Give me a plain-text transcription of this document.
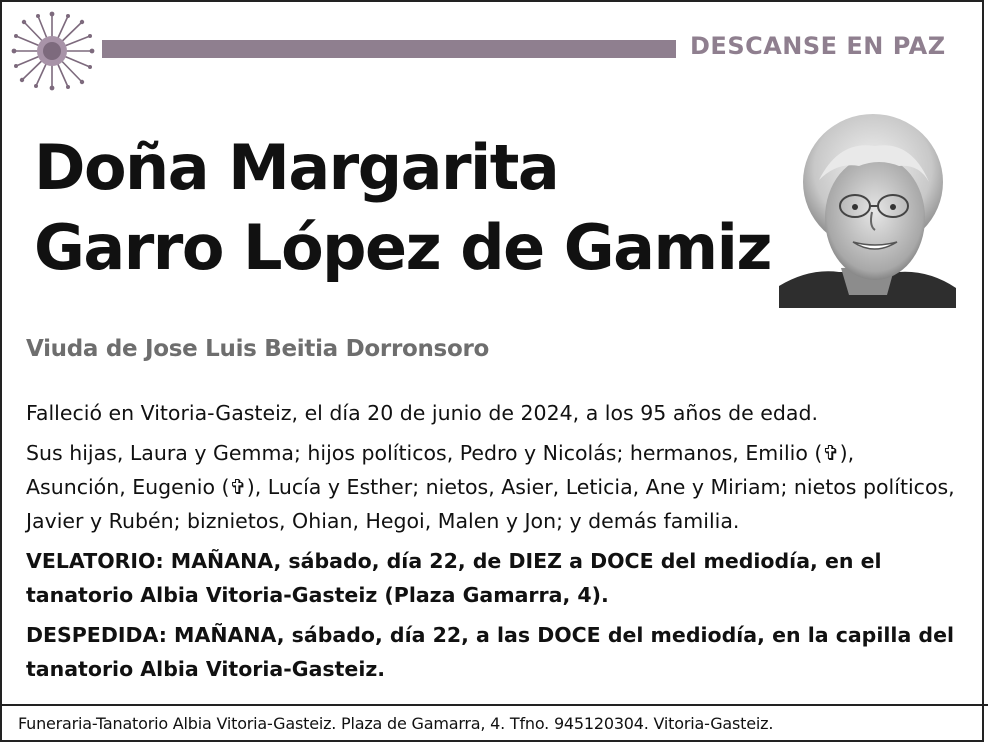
DESCANSE EN PAZ
Doña Margarita
Garro López de Gamiz
Viuda de Jose Luis Beitia Dorronsoro

Falleció en Vitoria-Gasteiz, el día 20 de junio de 2024, a los 95 años de edad.

Sus hijas, Laura y Gemma; hijos políticos, Pedro y Nicolás; hermanos, Emilio (✞), Asunción, Eugenio (✞), Lucía y Esther; nietos, Asier, Leticia, Ane y Miriam; nietos políticos, Javier y Rubén; biznietos, Ohian, Hegoi, Malen y Jon; y demás familia.

VELATORIO: MAÑANA, sábado, día 22, de DIEZ a DOCE del mediodía, en el tanatorio Albia Vitoria-Gasteiz (Plaza Gamarra, 4).

DESPEDIDA: MAÑANA, sábado, día 22, a las DOCE del mediodía, en la capilla del tanatorio Albia Vitoria-Gasteiz.

Funeraria-Tanatorio Albia Vitoria-Gasteiz. Plaza de Gamarra, 4. Tfno. 945120304. Vitoria-Gasteiz.
